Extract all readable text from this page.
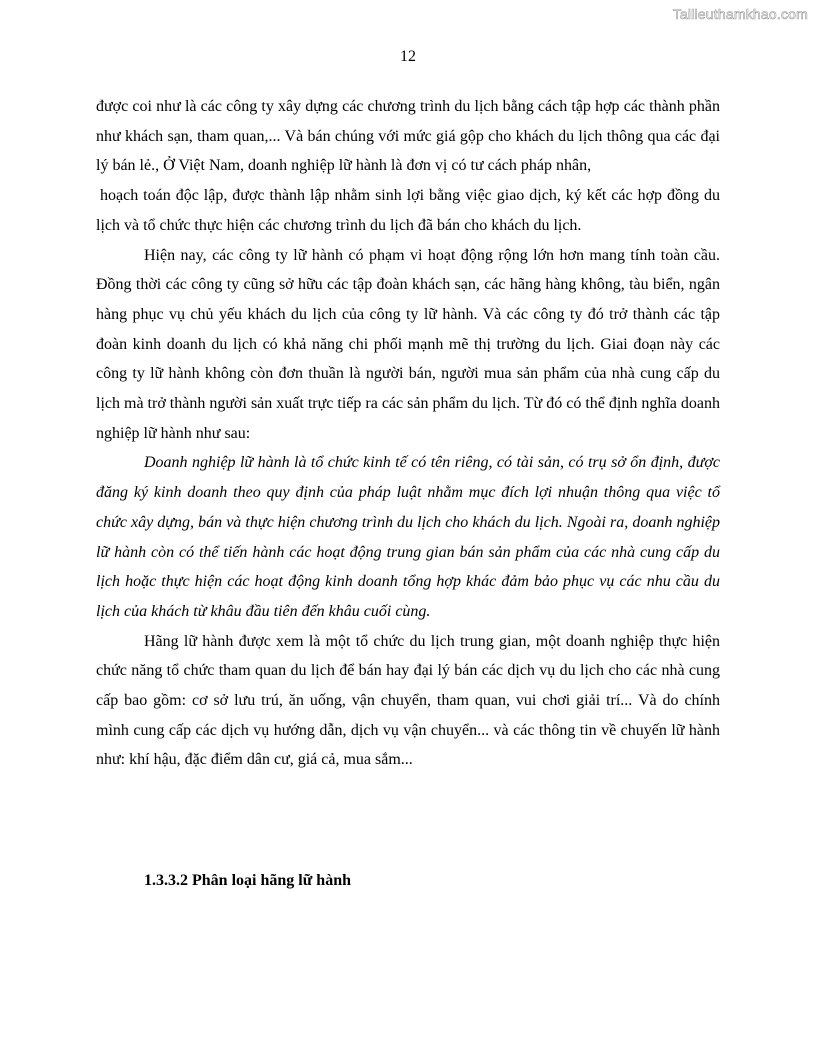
Tailieuthamkhao.com
12

được coi như là các công ty xây dựng các chương trình du lịch bằng cách tập hợp các thành phần như khách sạn, tham quan,... Và bán chúng với mức giá gộp cho khách du lịch thông qua các đại lý bán lẻ., Ở Việt Nam, doanh nghiệp lữ hành là đơn vị có tư cách pháp nhân,

hoạch toán độc lập, được thành lập nhằm sinh lợi bằng việc giao dịch, ký kết các hợp đồng du lịch và tổ chức thực hiện các chương trình du lịch đã bán cho khách du lịch.

Hiện nay, các công ty lữ hành có phạm vi hoạt động rộng lớn hơn mang tính toàn cầu. Đồng thời các công ty cũng sở hữu các tập đoàn khách sạn, các hãng hàng không, tàu biển, ngân hàng phục vụ chủ yếu khách du lịch của công ty lữ hành. Và các công ty đó trở thành các tập đoàn kinh doanh du lịch có khả năng chi phối mạnh mẽ thị trường du lịch. Giai đoạn này các công ty lữ hành không còn đơn thuần là người bán, người mua sản phẩm của nhà cung cấp du lịch mà trở thành người sản xuất trực tiếp ra các sản phẩm du lịch. Từ đó có thể định nghĩa doanh nghiệp lữ hành như sau:

Doanh nghiệp lữ hành là tổ chức kinh tế có tên riêng, có tài sản, có trụ sở ổn định, được đăng ký kinh doanh theo quy định của pháp luật nhằm mục đích lợi nhuận thông qua việc tổ chức xây dựng, bán và thực hiện chương trình du lịch cho khách du lịch. Ngoài ra, doanh nghiệp lữ hành còn có thể tiến hành các hoạt động trung gian bán sản phẩm của các nhà cung cấp du lịch hoặc thực hiện các hoạt động kinh doanh tổng hợp khác đảm bảo phục vụ các nhu cầu du lịch của khách từ khâu đầu tiên đến khâu cuối cùng.

Hãng lữ hành được xem là một tổ chức du lịch trung gian, một doanh nghiệp thực hiện chức năng tổ chức tham quan du lịch để bán hay đại lý bán các dịch vụ du lịch cho các nhà cung cấp bao gồm: cơ sở lưu trú, ăn uống, vận chuyển, tham quan, vui chơi giải trí... Và do chính mình cung cấp các dịch vụ hướng dẫn, dịch vụ vận chuyển... và các thông tin về chuyến lữ hành như: khí hậu, đặc điểm dân cư, giá cả, mua sắm...

1.3.3.2 Phân loại hãng lữ hành
